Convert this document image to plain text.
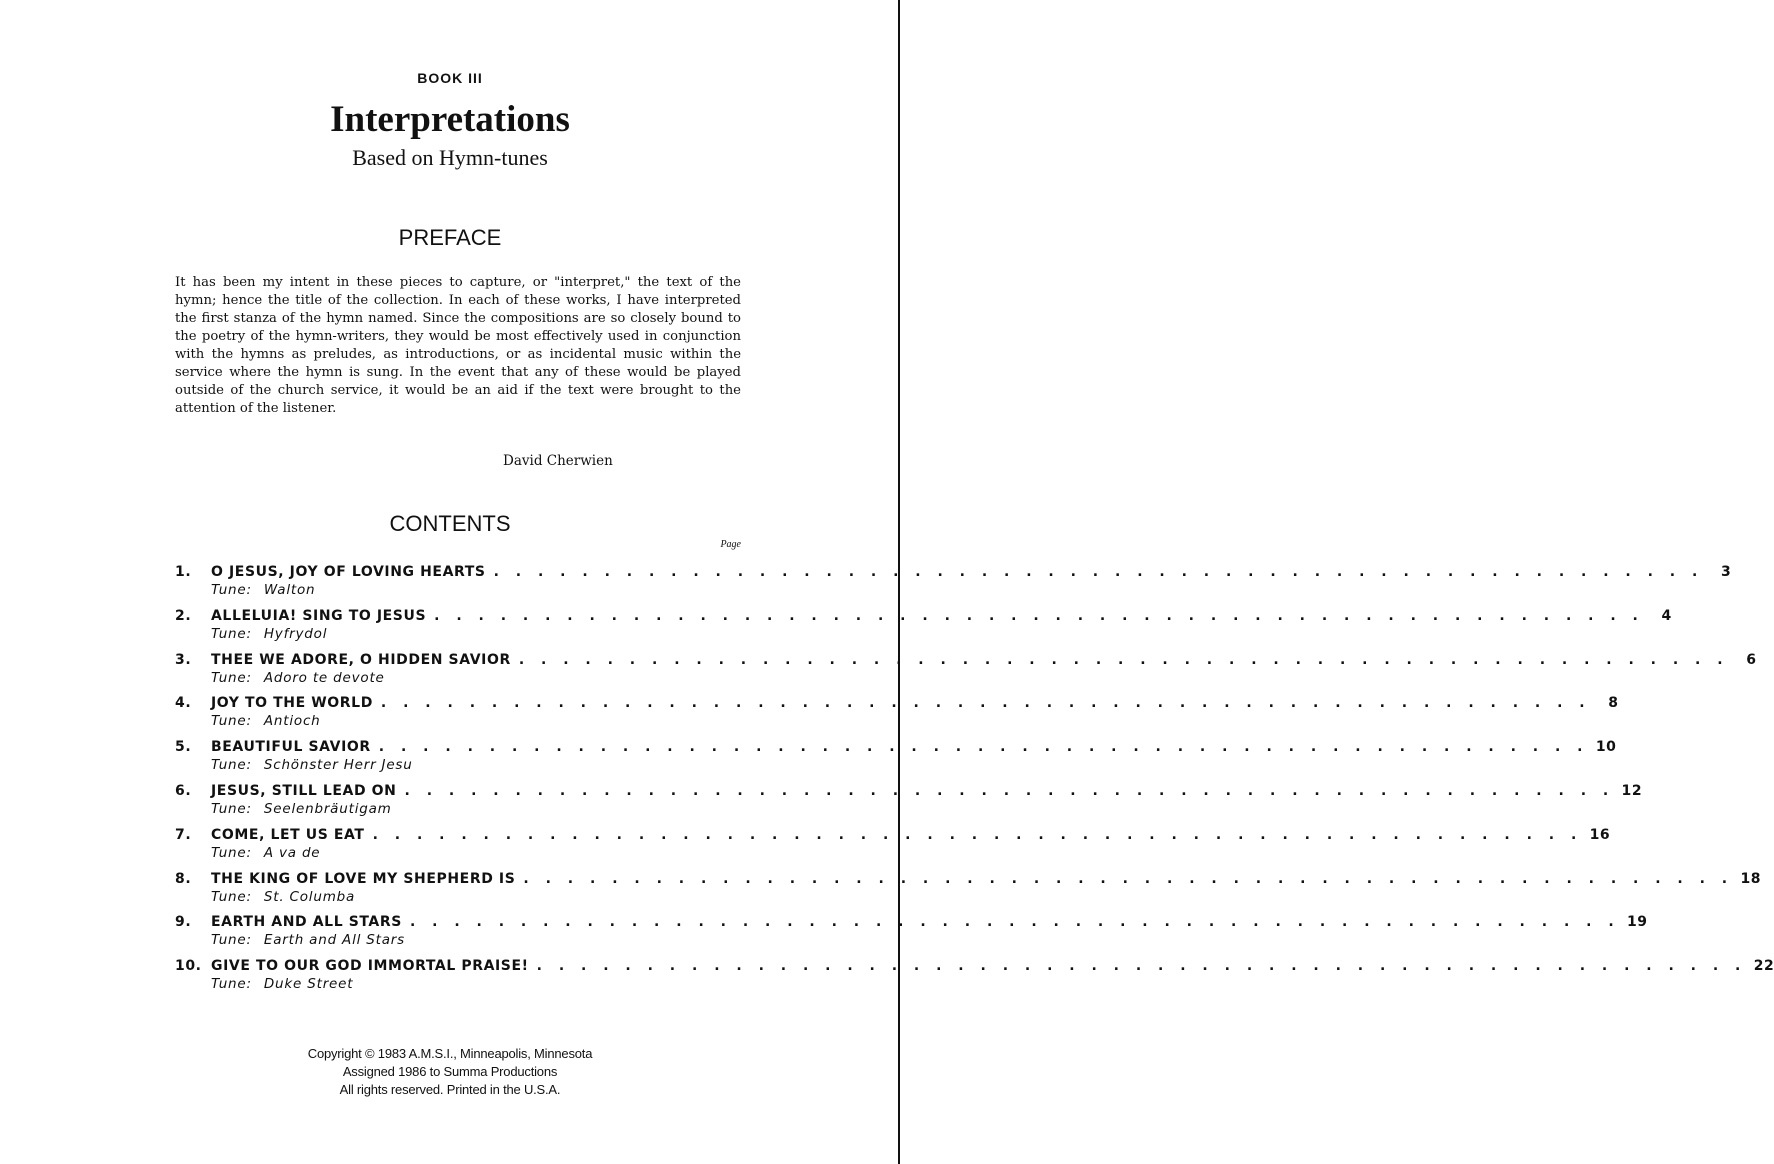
BOOK III
Interpretations
Based on Hymn-tunes
PREFACE

It has been my intent in these pieces to capture, or "interpret," the text of the hymn; hence the title of the collection. In each of these works, I have interpreted the first stanza of the hymn named. Since the compositions are so closely bound to the poetry of the hymn-writers, they would be most effectively used in conjunction with the hymns as preludes, as introductions, or as incidental music within the service where the hymn is sung. In the event that any of these would be played outside of the church service, it would be an aid if the text were brought to the attention of the listener.

David Cherwien
CONTENTS
Page
1.	O JESUS, JOY OF LOVING HEARTS . . . . . . . . . . . . . . . . . . . . . . . . . . . . . . . . . . . . . . . . . . . . . . . . . . . . . . .	3
Tune: Walton
2.	ALLELUIA! SING TO JESUS . . . . . . . . . . . . . . . . . . . . . . . . . . . . . . . . . . . . . . . . . . . . . . . . . . . . . . .	4
Tune: Hyfrydol
3.	THEE WE ADORE, O HIDDEN SAVIOR . . . . . . . . . . . . . . . . . . . . . . . . . . . . . . . . . . . . . . . . . . . . . . . . . . . . . . .	6
Tune: Adoro te devote
4.	JOY TO THE WORLD . . . . . . . . . . . . . . . . . . . . . . . . . . . . . . . . . . . . . . . . . . . . . . . . . . . . . . .	8
Tune: Antioch
5.	BEAUTIFUL SAVIOR . . . . . . . . . . . . . . . . . . . . . . . . . . . . . . . . . . . . . . . . . . . . . . . . . . . . . . . 10
Tune: Schönster Herr Jesu
6.	JESUS, STILL LEAD ON . . . . . . . . . . . . . . . . . . . . . . . . . . . . . . . . . . . . . . . . . . . . . . . . . . . . . . . 12
Tune: Seelenbräutigam
7.	COME, LET US EAT . . . . . . . . . . . . . . . . . . . . . . . . . . . . . . . . . . . . . . . . . . . . . . . . . . . . . . . 16
Tune: A va de
8.	THE KING OF LOVE MY SHEPHERD IS . . . . . . . . . . . . . . . . . . . . . . . . . . . . . . . . . . . . . . . . . . . . . . . . . . . . . . . 18
Tune: St. Columba
9.	EARTH AND ALL STARS . . . . . . . . . . . . . . . . . . . . . . . . . . . . . . . . . . . . . . . . . . . . . . . . . . . . . . . 19
Tune: Earth and All Stars
10. GIVE TO OUR GOD IMMORTAL PRAISE! . . . . . . . . . . . . . . . . . . . . . . . . . . . . . . . . . . . . . . . . . . . . . . . . . . . . . . . 22
Tune: Duke Street
Copyright © 1983 A.M.S.I., Minneapolis, Minnesota
Assigned 1986 to Summa Productions
All rights reserved. Printed in the U.S.A.
